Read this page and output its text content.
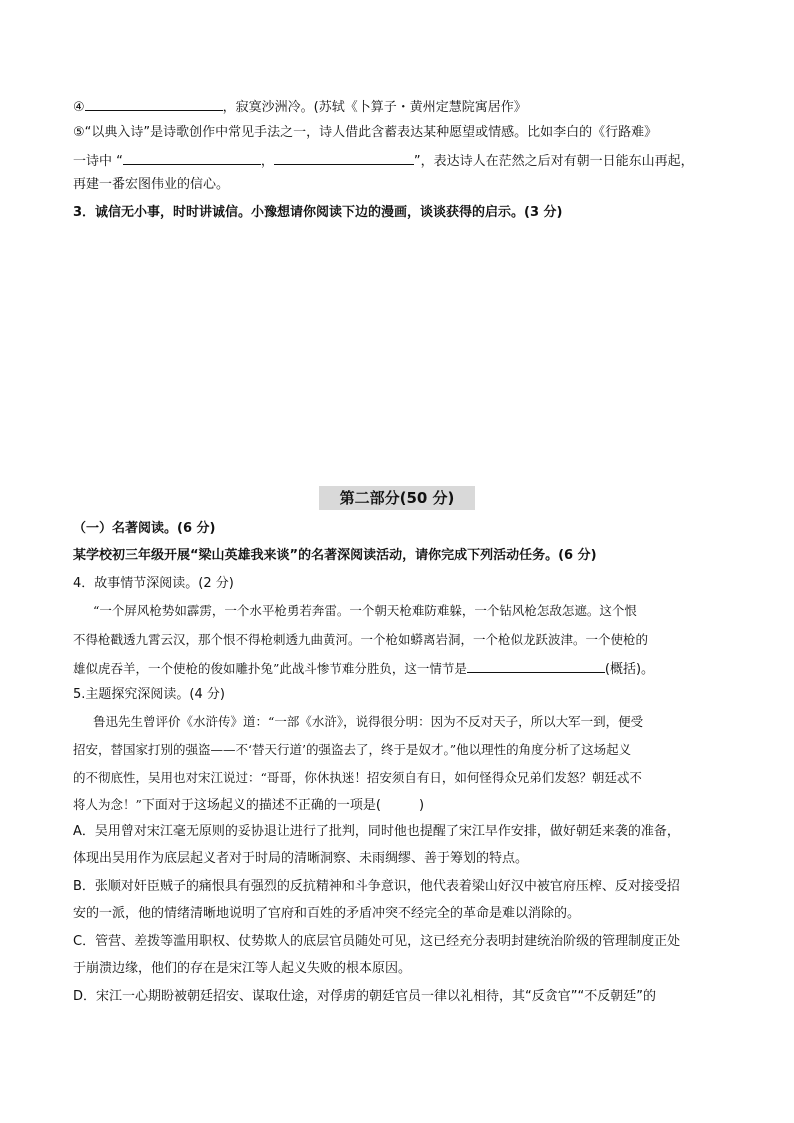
④	，寂寞沙洲冷。(苏轼《卜算子・黄州定慧院寓居作》
⑤“以典入诗”是诗歌创作中常见手法之一，诗人借此含蓄表达某种愿望或情感。比如李白的《行路难》
一诗中 “	，	”，表达诗人在茫然之后对有朝一日能东山再起，
再建一番宏图伟业的信心。
3．诚信无小事，时时讲诚信。小豫想请你阅读下边的漫画，谈谈获得的启示。(3 分)
第二部分(50 分)
（一）名著阅读。(6 分)
某学校初三年级开展“梁山英雄我来谈”的名著深阅读活动，请你完成下列活动任务。(6 分)
4．故事情节深阅读。(2 分)
“一个屏风枪势如霹雳，一个水平枪勇若奔雷。一个朝天枪难防难躲，一个钻风枪怎敌怎遮。这个恨
不得枪戳透九霄云汉，那个恨不得枪刺透九曲黄河。一个枪如蟒离岩洞，一个枪似龙跃波津。一个使枪的
雄似虎吞羊，一个使枪的俊如雕扑兔”此战斗惨节难分胜负，这一情节是	(概括)。
5.主题探究深阅读。(4 分)
鲁迅先生曾评价《水浒传》道：“一部《水浒》，说得很分明：因为不反对天子，所以大军一到，便受
招安，替国家打别的强盗——不‘替天行道’的强盗去了，终于是奴才。”他以理性的角度分析了这场起义
的不彻底性，吴用也对宋江说过：“哥哥，你休执迷！招安须自有日，如何怪得众兄弟们发怒？朝廷忒不
将人为念！”下面对于这场起义的描述不正确的一项是(	)
A．吴用曾对宋江毫无原则的妥协退让进行了批判，同时他也提醒了宋江早作安排，做好朝廷来袭的准备，
体现出吴用作为底层起义者对于时局的清晰洞察、未雨绸缪、善于筹划的特点。
B．张顺对奸臣贼子的痛恨具有强烈的反抗精神和斗争意识，他代表着梁山好汉中被官府压榨、反对接受招
安的一派，他的情绪清晰地说明了官府和百姓的矛盾冲突不经完全的革命是难以消除的。
C．管营、差拨等滥用职权、仗势欺人的底层官员随处可见，这已经充分表明封建统治阶级的管理制度正处
于崩溃边缘，他们的存在是宋江等人起义失败的根本原因。
D．宋江一心期盼被朝廷招安、谋取仕途，对俘虏的朝廷官员一律以礼相待，其“反贪官”“不反朝廷”的
